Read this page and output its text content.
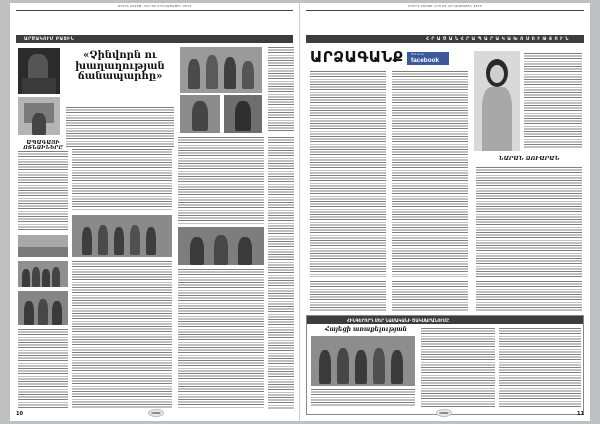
ԱՊՐԻԼ 2013Թ. ՀԻՍ 05 ՀՈՂՎԱԾԱՅԻՆ 2013
ԱՐԾԱԿՈՒՄ ԲԱՑԻՆ
«Չինվորն ու խաղաղության ճանապարհը»
ԱՊԱԳԱՅԻ ՈՏՆՁԻՆԵՐԸ
10	Օժեն
ԱՊՐԻԼ 2013Թ. ՀԻՍ 05 ՀՈՂՎԱԾԱՅԻՆ 2013
Հ Ր Ա Ծ Ա Ն Հ Ր Ա Պ Ա Ր Ա Կ Ա Խ Ո Ս Ո Ւ Թ Յ Ո Ւ Ն
ԱՐՁԱԳԱՆՔ	Find us on
facebook
ՆԱՐԱՆ ՁՈՒԱՐԱՆ
ՀԻՆԳԵՐՈՐԴ ՄԵՐ ՆԱՄԱԿԱՆԻ ԾԱԿՍԱՐԱՆՈՒՄԸ
Հայեցի առաքելության
Օժեն	11
